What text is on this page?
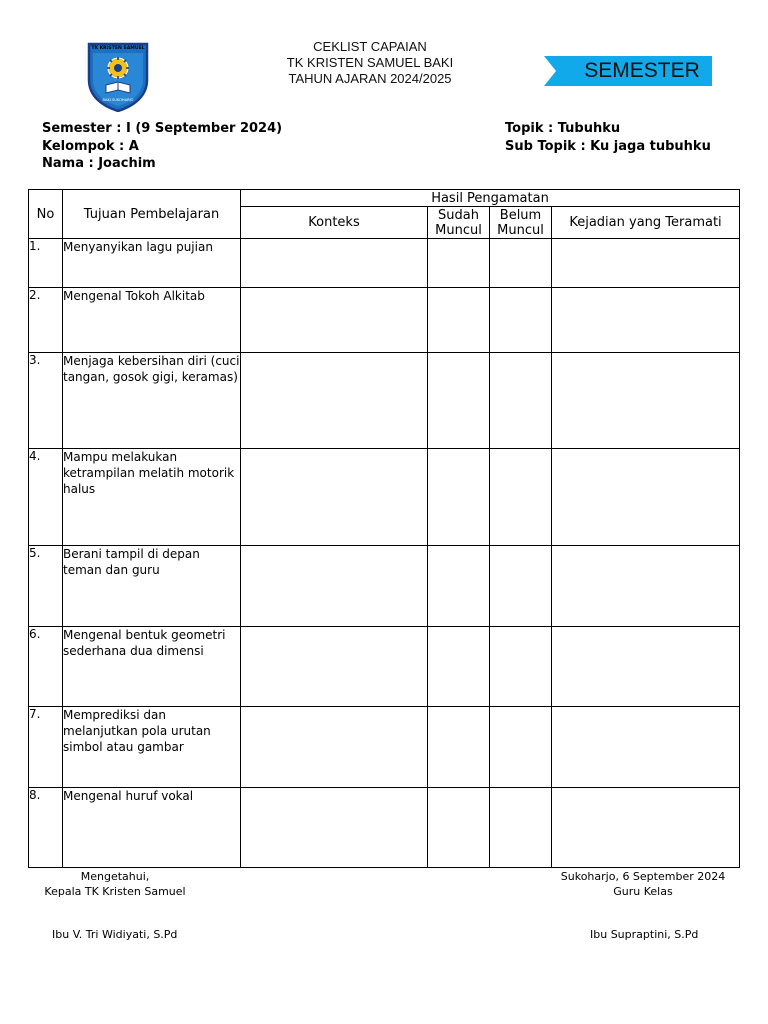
TK KRISTEN SAMUEL
BAKI SUKOHARJO
CEKLIST CAPAIAN
TK KRISTEN SAMUEL BAKI
TAHUN AJARAN 2024/2025	SEMESTER
Semester : I (9 September 2024)
Kelompok : A
Nama : Joachim
Topik : Tubuhku
Sub Topik : Ku jaga tubuhku
No	Tujuan Pembelajaran	Hasil Pengamatan			
		Konteks	Sudah Muncul	Belum Muncul	Kejadian yang Teramati
1.	Menyanyikan lagu pujian				
2.	Mengenal Tokoh Alkitab				
3.	Menjaga kebersihan diri (cuci tangan, gosok gigi, keramas)				
4.	Mampu melakukan ketrampilan melatih motorik halus				
5.	Berani tampil di depan teman dan guru				
6.	Mengenal bentuk geometri sederhana dua dimensi				
7.	Memprediksi dan melanjutkan pola urutan simbol atau gambar				
8.	Mengenal huruf vokal				
Mengetahui,
Kepala TK Kristen Samuel
Sukoharjo, 6 September 2024
Guru Kelas
Ibu V. Tri Widiyati, S.Pd	Ibu Supraptini, S.Pd
